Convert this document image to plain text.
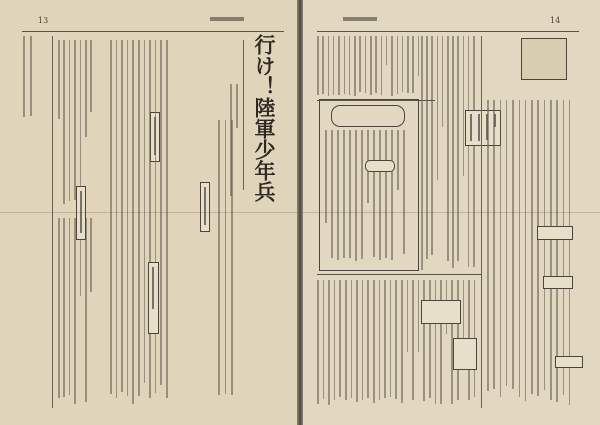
13
行け！陸軍少年兵
14
